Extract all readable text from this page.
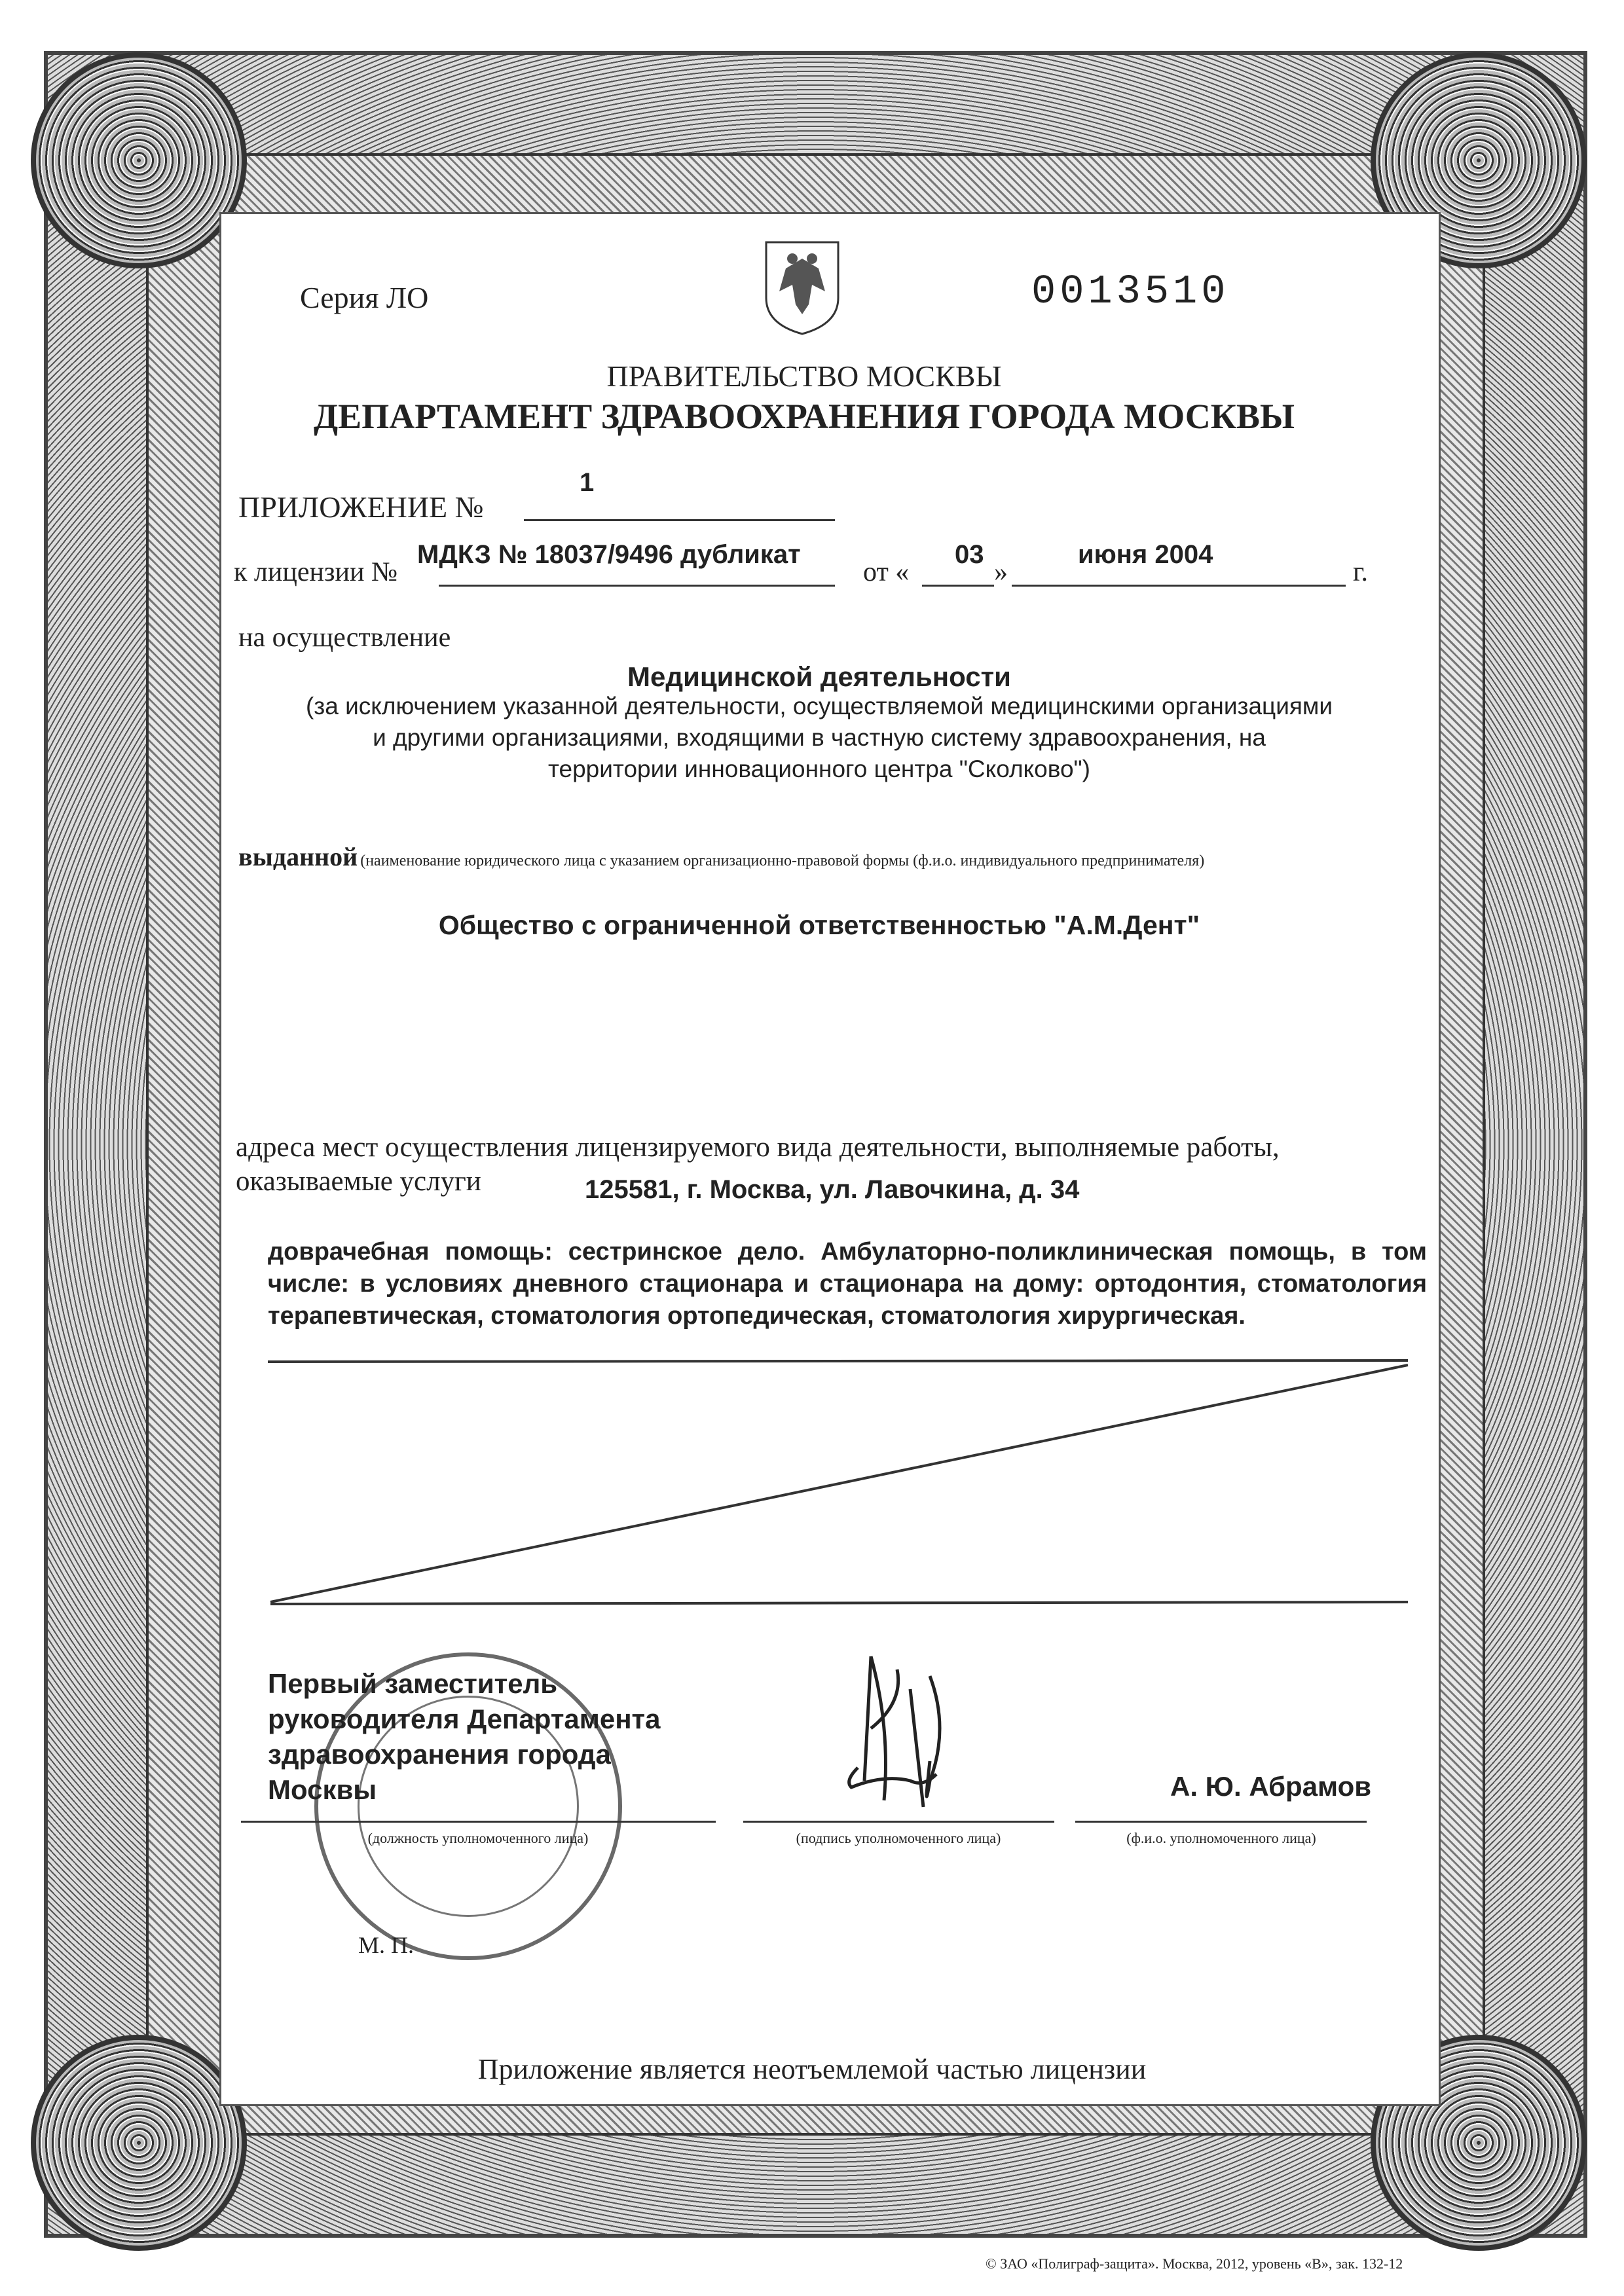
Серия ЛО	0013510
ПРАВИТЕЛЬСТВО МОСКВЫ
ДЕПАРТАМЕНТ ЗДРАВООХРАНЕНИЯ ГОРОДА МОСКВЫ
ПРИЛОЖЕНИЕ №
1
к лицензии №
МДКЗ № 18037/9496 дубликат
от «
03
»
июня 2004
г.
на осуществление
Медицинской деятельности
(за исключением указанной деятельности, осуществляемой медицинскими организациями
и другими организациями, входящими в частную систему здравоохранения, на
территории инновационного центра "Сколково")
выданной (наименование юридического лица с указанием организационно-правовой формы (ф.и.о. индивидуального предпринимателя)
Общество с ограниченной ответственностью "А.М.Дент"
адреса мест осуществления лицензируемого вида деятельности, выполняемые работы,
оказываемые услуги	125581, г. Москва, ул. Лавочкина, д. 34
доврачебная помощь: сестринское дело. Амбулаторно-поликлиническая помощь, в том числе: в условиях дневного стационара и стационара на дому: ортодонтия, стоматология терапевтическая, стоматология ортопедическая, стоматология хирургическая.
Первый заместитель
руководителя Департамента
здравоохранения города
Москвы	А. Ю. Абрамов
(должность уполномоченного лица)	(подпись уполномоченного лица)	(ф.и.о. уполномоченного лица)
М. П.
Приложение является неотъемлемой частью лицензии
© ЗАО «Полиграф-защита». Москва, 2012, уровень «В», зак. 132-12
